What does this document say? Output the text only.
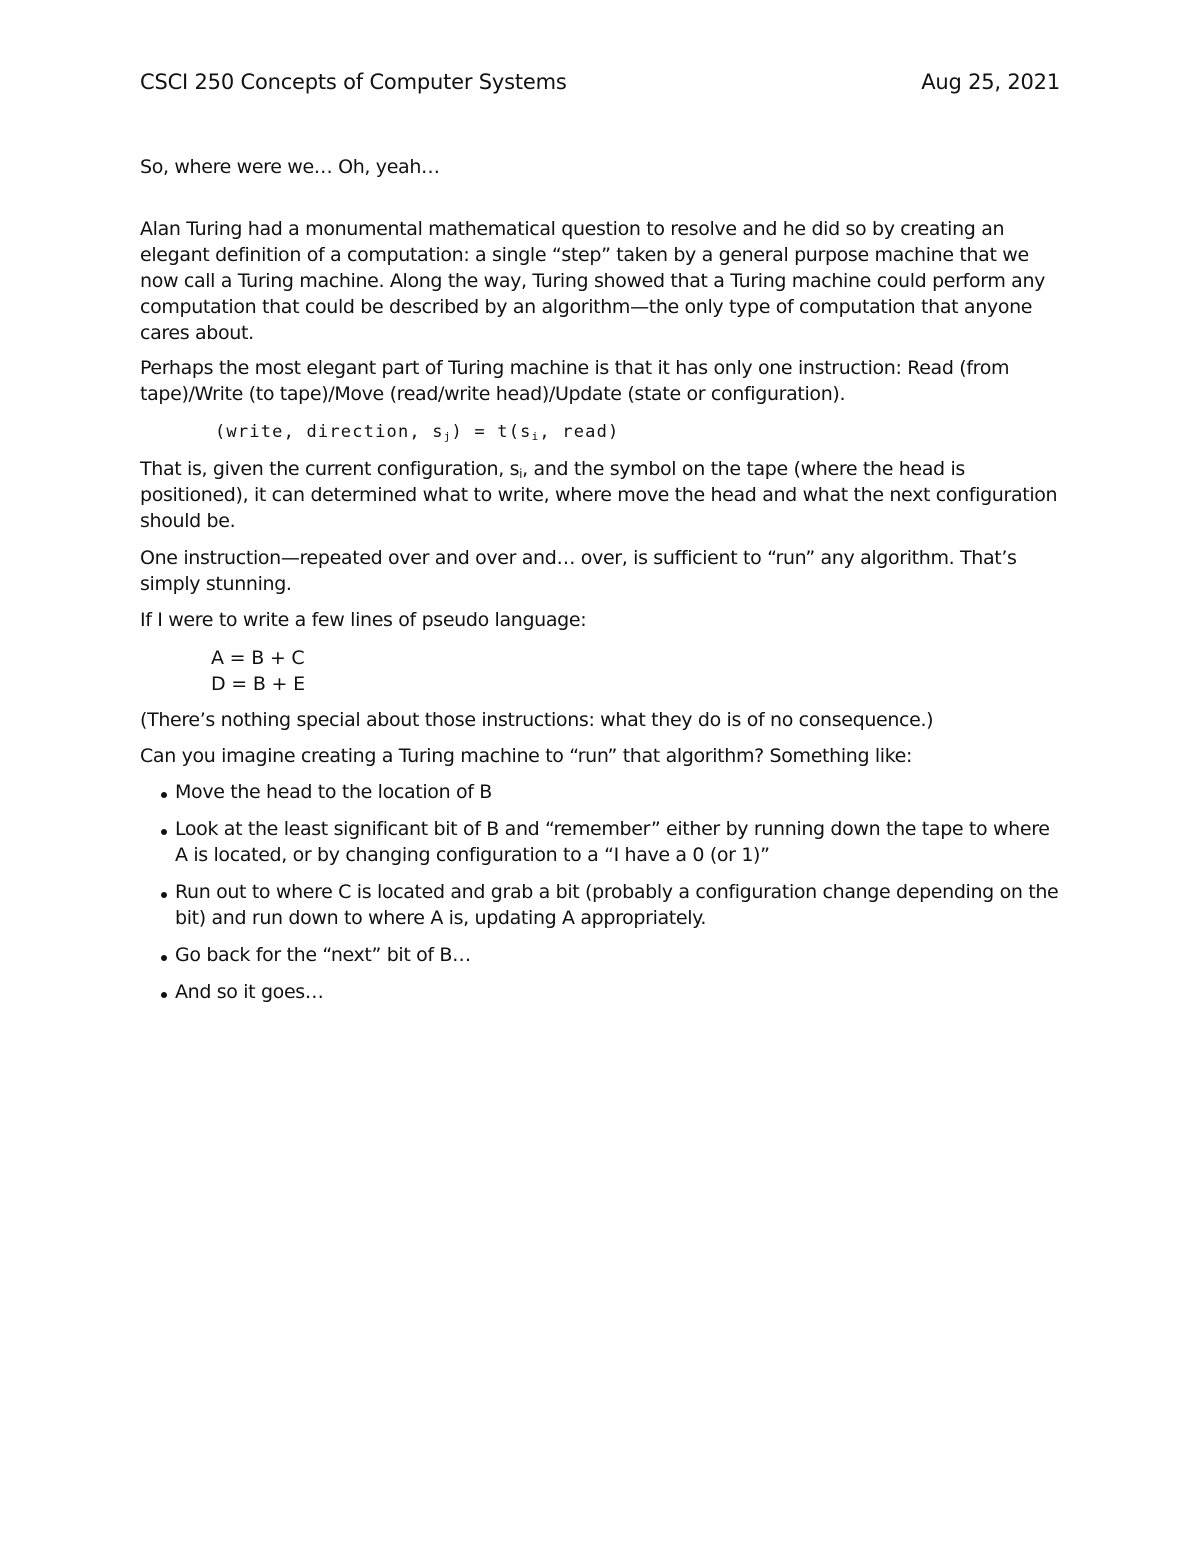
CSCI 250 Concepts of Computer Systems	Aug 25, 2021

So, where were we… Oh, yeah…

Alan Turing had a monumental mathematical question to resolve and he did so by creating an elegant definition of a computation: a single “step” taken by a general purpose machine that we now call a Turing machine. Along the way, Turing showed that a Turing machine could perform any computation that could be described by an algorithm—the only type of computation that anyone cares about.

Perhaps the most elegant part of Turing machine is that it has only one instruction: Read (from tape)/Write (to tape)/Move (read/write head)/Update (state or configuration).

(write, direction, $s_j) = t(s_i$, read)

That is, given the current configuration, $s_i$, and the symbol on the tape (where the head is positioned), it can determined what to write, where move the head and what the next configuration should be.

One instruction—repeated over and over and… over, is sufficient to “run” any algorithm. That’s simply stunning.

If I were to write a few lines of pseudo language:

A = B + C
D = B + E

(There’s nothing special about those instructions: what they do is of no consequence.)

Can you imagine creating a Turing machine to “run” that algorithm? Something like:

Move the head to the location of B
Look at the least significant bit of B and “remember” either by running down the tape to where A is located, or by changing configuration to a “I have a 0 (or 1)”
Run out to where C is located and grab a bit (probably a configuration change depending on the bit) and run down to where A is, updating A appropriately.
Go back for the “next” bit of B…
And so it goes…
